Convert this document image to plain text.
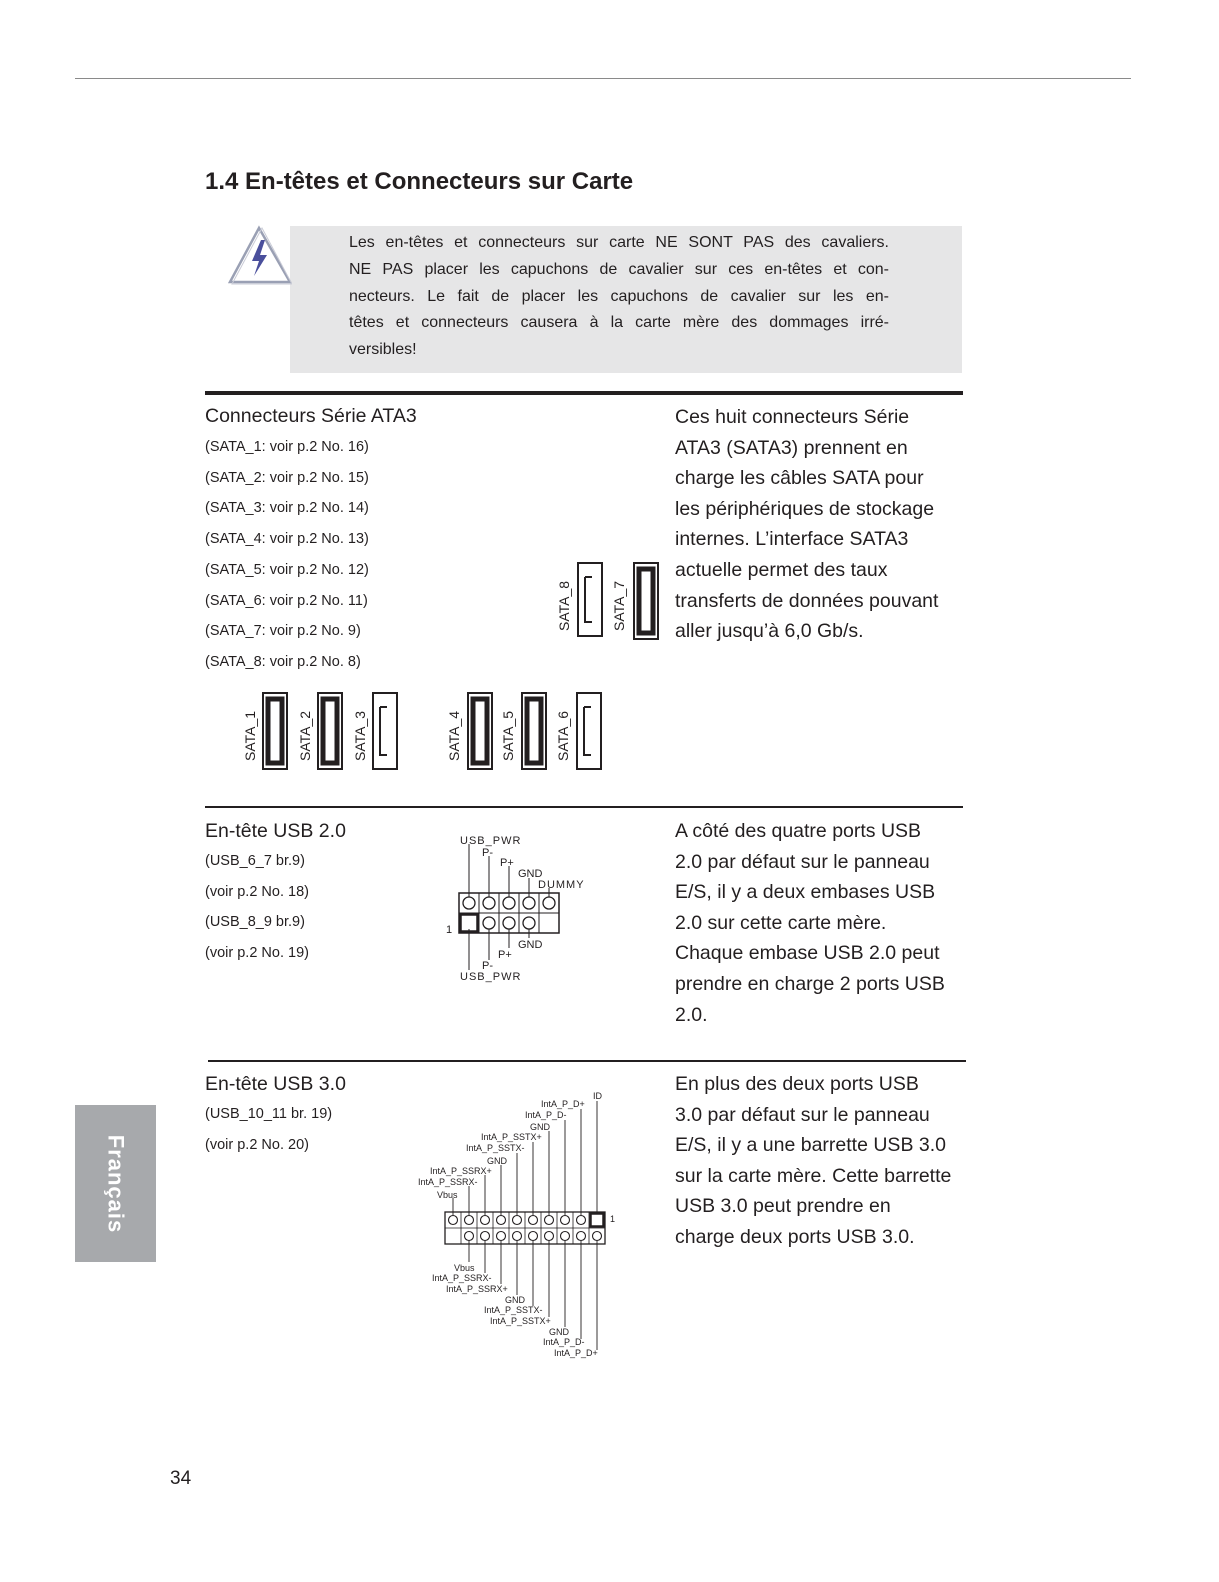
1.4 En-têtes et Connecteurs sur Carte
Les en-têtes et connecteurs sur carte NE SONT PAS des cavaliers.
NE PAS placer les capuchons de cavalier sur ces en-têtes et con-
necteurs. Le fait de placer les capuchons de cavalier sur les en-
têtes et connecteurs causera à la carte mère des dommages irré-
versibles!
Connecteurs Série ATA3
(SATA_1: voir p.2 No. 16)
(SATA_2: voir p.2 No. 15)
(SATA_3: voir p.2 No. 14)
(SATA_4: voir p.2 No. 13)
(SATA_5: voir p.2 No. 12)
(SATA_6: voir p.2 No. 11)
(SATA_7: voir p.2 No. 9)
(SATA_8: voir p.2 No. 8)
Ces huit connecteurs Série
ATA3 (SATA3) prennent en
charge les câbles SATA pour
les périphériques de stockage
internes. L’interface SATA3
actuelle permet des taux
transferts de données pouvant
aller jusqu’à 6,0 Gb/s.
SATA_8	SATA_7
SATA_1	SATA_2	SATA_3	SATA_4	SATA_5	SATA_6
En-tête USB 2.0
(USB_6_7 br.9)
(voir p.2 No. 18)
(USB_8_9 br.9)
(voir p.2 No. 19)
A côté des quatre ports USB
2.0 par défaut sur le panneau
E/S, il y a deux embases USB
2.0 sur cette carte mère.
Chaque embase USB 2.0 peut
prendre en charge 2 ports USB
2.0.
USB_PWR
P-
P+
GND
DUMMY
1
GND
P+
P-
USB_PWR
En-tête USB 3.0
(USB_10_11 br. 19)
(voir p.2 No. 20)
En plus des deux ports USB
3.0 par défaut sur le panneau
E/S, il y a une barrette USB 3.0
sur la carte mère. Cette barrette
USB 3.0 peut prendre en
charge deux ports USB 3.0.
ID
IntA_P_D+
IntA_P_D-
GND
IntA_P_SSTX+
IntA_P_SSTX-
GND
IntA_P_SSRX+
IntA_P_SSRX-
Vbus
1
Vbus
IntA_P_SSRX-
IntA_P_SSRX+
GND
IntA_P_SSTX-
IntA_P_SSTX+
GND
IntA_P_D-
IntA_P_D+
Français
34
